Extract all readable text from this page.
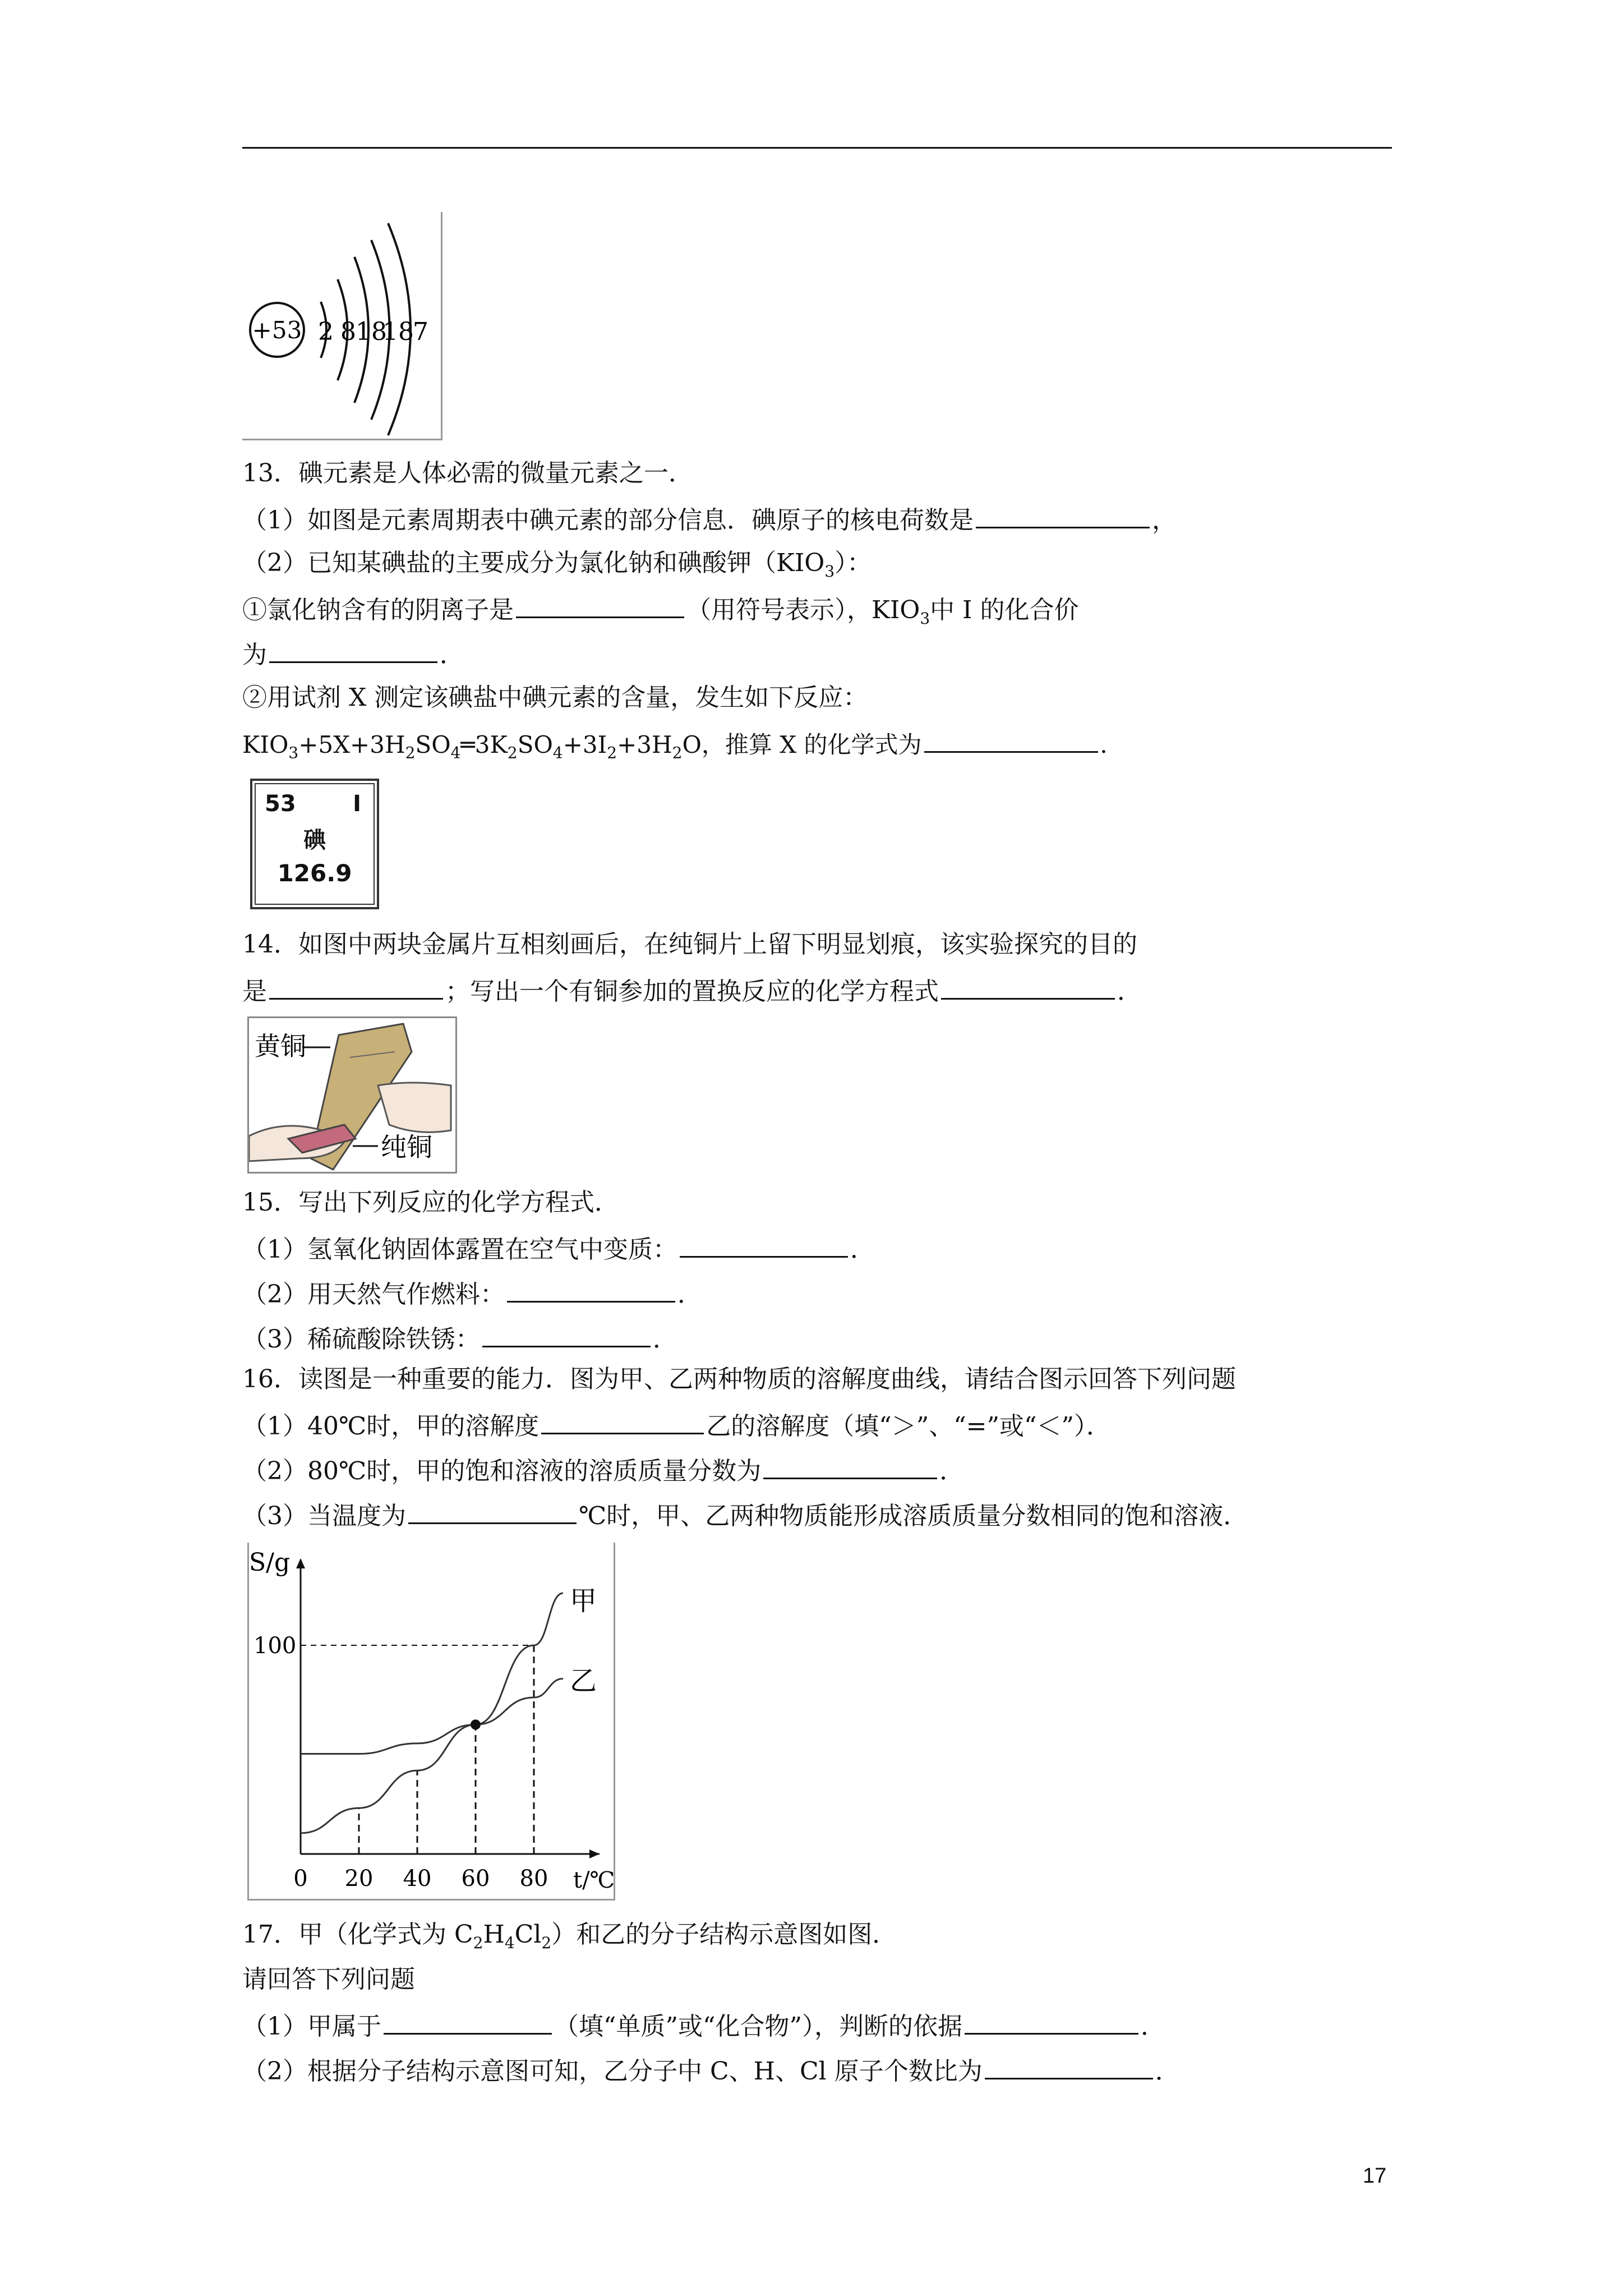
+53 2 8 18
18
7
13．碘元素是人体必需的微量元素之一．
（1）如图是元素周期表中碘元素的部分信息．碘原子的核电荷数是	，
（2）已知某碘盐的主要成分为氯化钠和碘酸钾$(KIO_3)$：
①氯化钠含有的阴离子是	（用符号表示），$KIO_3$中 I 的化合价
为	．
②用试剂 X 测定该碘盐中碘元素的含量，发生如下反应：
$KIO_3+5X+3H_2SO_4═3K_2SO_4+3I_2+3H_2O$，推算 X 的化学式为	．
53	I
碘
126.9
14．如图中两块金属片互相刻画后，在纯铜片上留下明显划痕，该实验探究的目的
是	；写出一个有铜参加的置换反应的化学方程式	．
黄铜
纯铜
15．写出下列反应的化学方程式．
（1）氢氧化钠固体露置在空气中变质：	．
（2）用天然气作燃料：	．
（3）稀硫酸除铁锈：	．
16．读图是一种重要的能力．图为甲、乙两种物质的溶解度曲线，请结合图示回答下列问题
（1）40℃时，甲的溶解度	乙的溶解度（填“＞”、“=”或“＜”）．
（2）80℃时，甲的饱和溶液的溶质质量分数为	．
（3）当温度为	℃时，甲、乙两种物质能形成溶质质量分数相同的饱和溶液．
S/g
t/℃
0 20 40 60 80
100
甲
乙
17．甲（化学式为 $C_2H_4Cl_2$）和乙的分子结构示意图如图．
请回答下列问题
（1）甲属于	（填“单质”或“化合物”），判断的依据	．
（2）根据分子结构示意图可知，乙分子中 C、H、Cl 原子个数比为	．
17
